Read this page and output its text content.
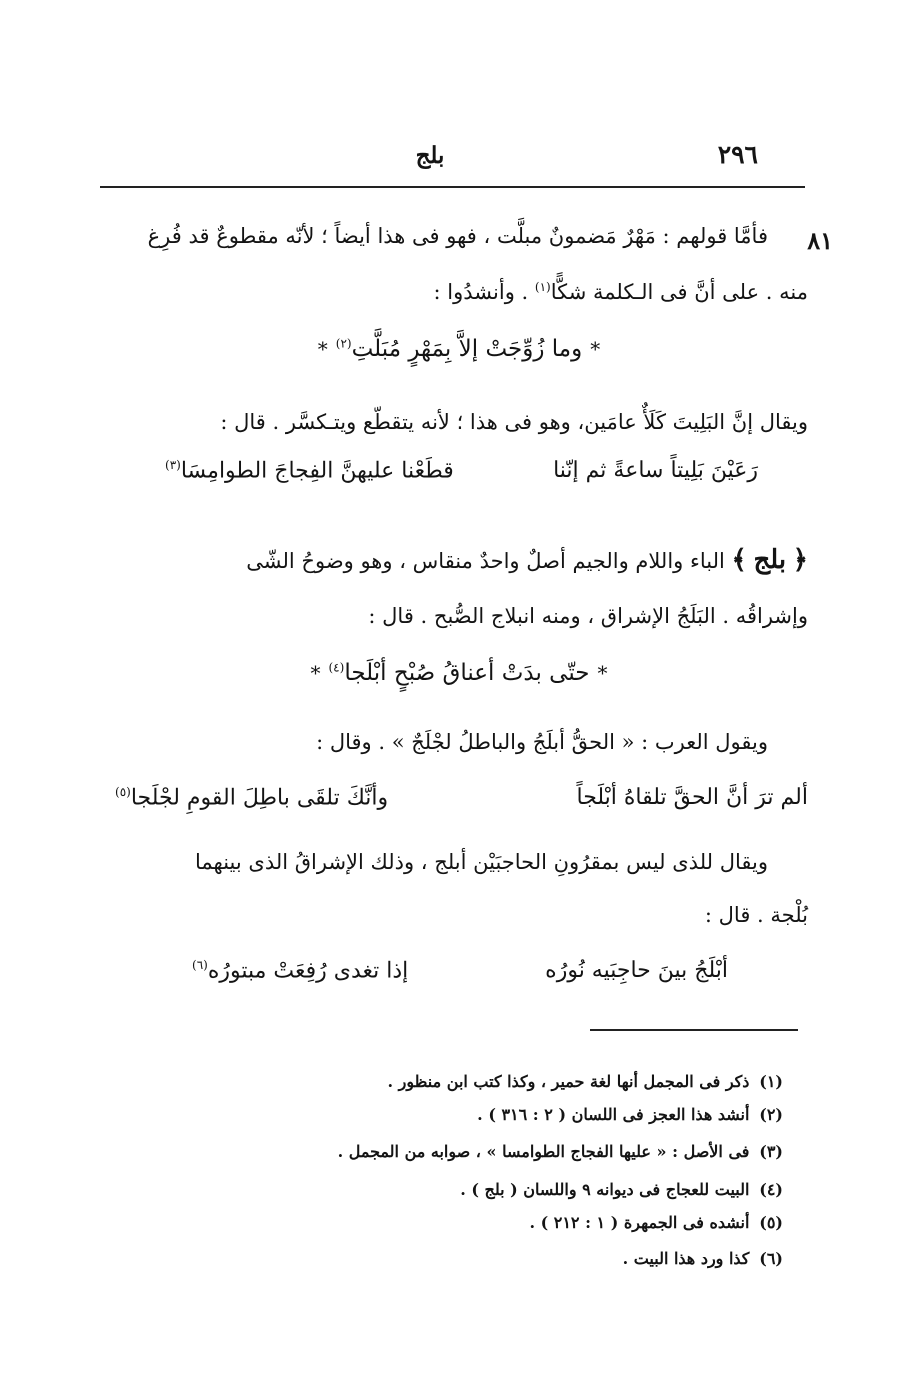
٢٩٦
بلج
٨١
فأمَّا قولهم : مَهْرٌ مَضمونٌ مبلَّت ، فهو فى هذا أيضاً ؛ لأنّه مقطوعٌ قد فُرِغ
منه . على أنَّ فى الـكلمة شكًّا$^{(١)}$ . وأنشدُوا :
*وما زُوِّجَتْ إلاَّ بِمَهْرٍ مُبَلَّتِ$^{(٢)}$*
ويقال إنَّ البَلِيتَ كَلَأٌ عامَين، وهو فى هذا ؛ لأنه يتقطّع ويتـكسَّر . قال :
رَعَيْنَ بَلِيتاً ساعةً ثم إنّنا
قطَعْنا عليهنَّ الفِجاجَ الطوامِسَا$^{(٣)}$
﴿ بلج ﴾ الباء واللام والجيم أصلٌ واحدٌ منقاس ، وهو وضوحُ الشّى
وإشراقُه . البَلَجُ الإشراق ، ومنه انبلاج الصُّبح . قال :
*حتّى بدَتْ أعناقُ صُبْحٍ أبْلَجا$^{(٤)}$*
ويقول العرب : « الحقُّ أبلَجُ والباطلُ لجْلَجٌ » . وقال :
ألم ترَ أنَّ الحقَّ تلقاهُ أبْلَجاً
وأنَّكَ تلقَى باطِلَ القومِ لجْلَجا$^{(٥)}$
ويقال للذى ليس بمقرُونِ الحاجبَيْن أبلج ، وذلك الإشراقُ الذى بينهما
بُلْجة . قال :
أبْلَجُ بينَ حاجِبَيه نُورُه
إذا تغدى رُفِعَتْ مبتورُه$^{(٦)}$
(١) ذكر فى المجمل أنها لغة حمير ، وكذا كتب ابن منظور .
(٢) أنشد هذا العجز فى اللسان ( ٢ : ٣١٦ ) .
(٣) فى الأصل : « عليها الفجاج الطوامسا » ، صوابه من المجمل .
(٤) البيت للعجاج فى ديوانه ٩ واللسان ( بلج ) .
(٥) أنشده فى الجمهرة ( ١ : ٢١٢ ) .
(٦) كذا ورد هذا البيت .
